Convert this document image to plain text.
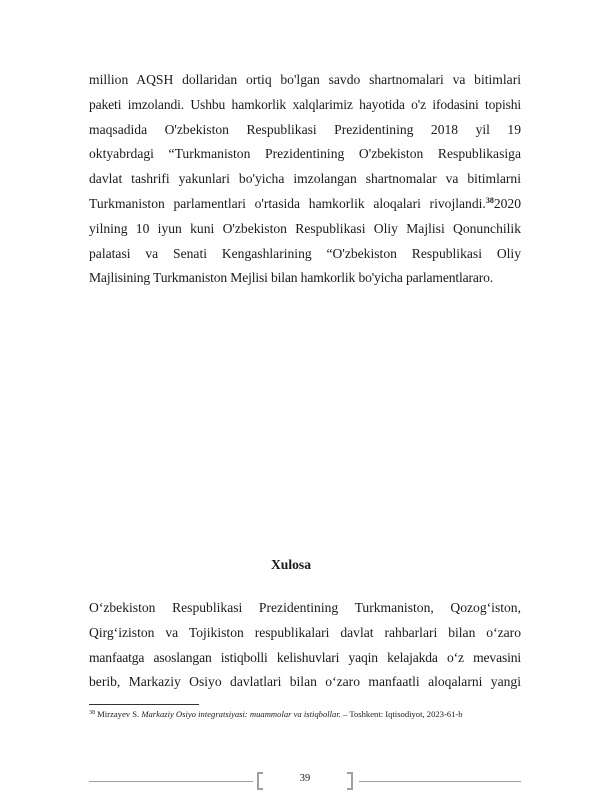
million AQSH dollaridan ortiq bo'lgan savdo shartnomalari va bitimlari
paketi imzolandi. Ushbu hamkorlik xalqlarimiz hayotida o'z ifodasini topishi
maqsadida O'zbekiston Respublikasi Prezidentining 2018 yil 19
oktyabrdagi “Turkmaniston Prezidentining O'zbekiston Respublikasiga
davlat tashrifi yakunlari bo'yicha imzolangan shartnomalar va bitimlarni
Turkmaniston parlamentlari o'rtasida hamkorlik aloqalari rivojlandi.$^{38}$2020
yilning 10 iyun kuni O'zbekiston Respublikasi Oliy Majlisi Qonunchilik
palatasi va Senati Kengashlarining “O'zbekiston Respublikasi Oliy
Majlisining Turkmaniston Mejlisi bilan hamkorlik bo'yicha parlamentlararo.
Xulosa
O‘zbekiston Respublikasi Prezidentining Turkmaniston, Qozog‘iston,
Qirg‘iziston va Tojikiston respublikalari davlat rahbarlari bilan o‘zaro
manfaatga asoslangan istiqbolli kelishuvlari yaqin kelajakda o‘z mevasini
berib, Markaziy Osiyo davlatlari bilan o‘zaro manfaatli aloqalarni yangi
$^{38}$ Mirzayev S. Markaziy Osiyo integratsiyasi: muammolar va istiqbollar. – Toshkent: Iqtisodiyot, 2023-61-b
39
